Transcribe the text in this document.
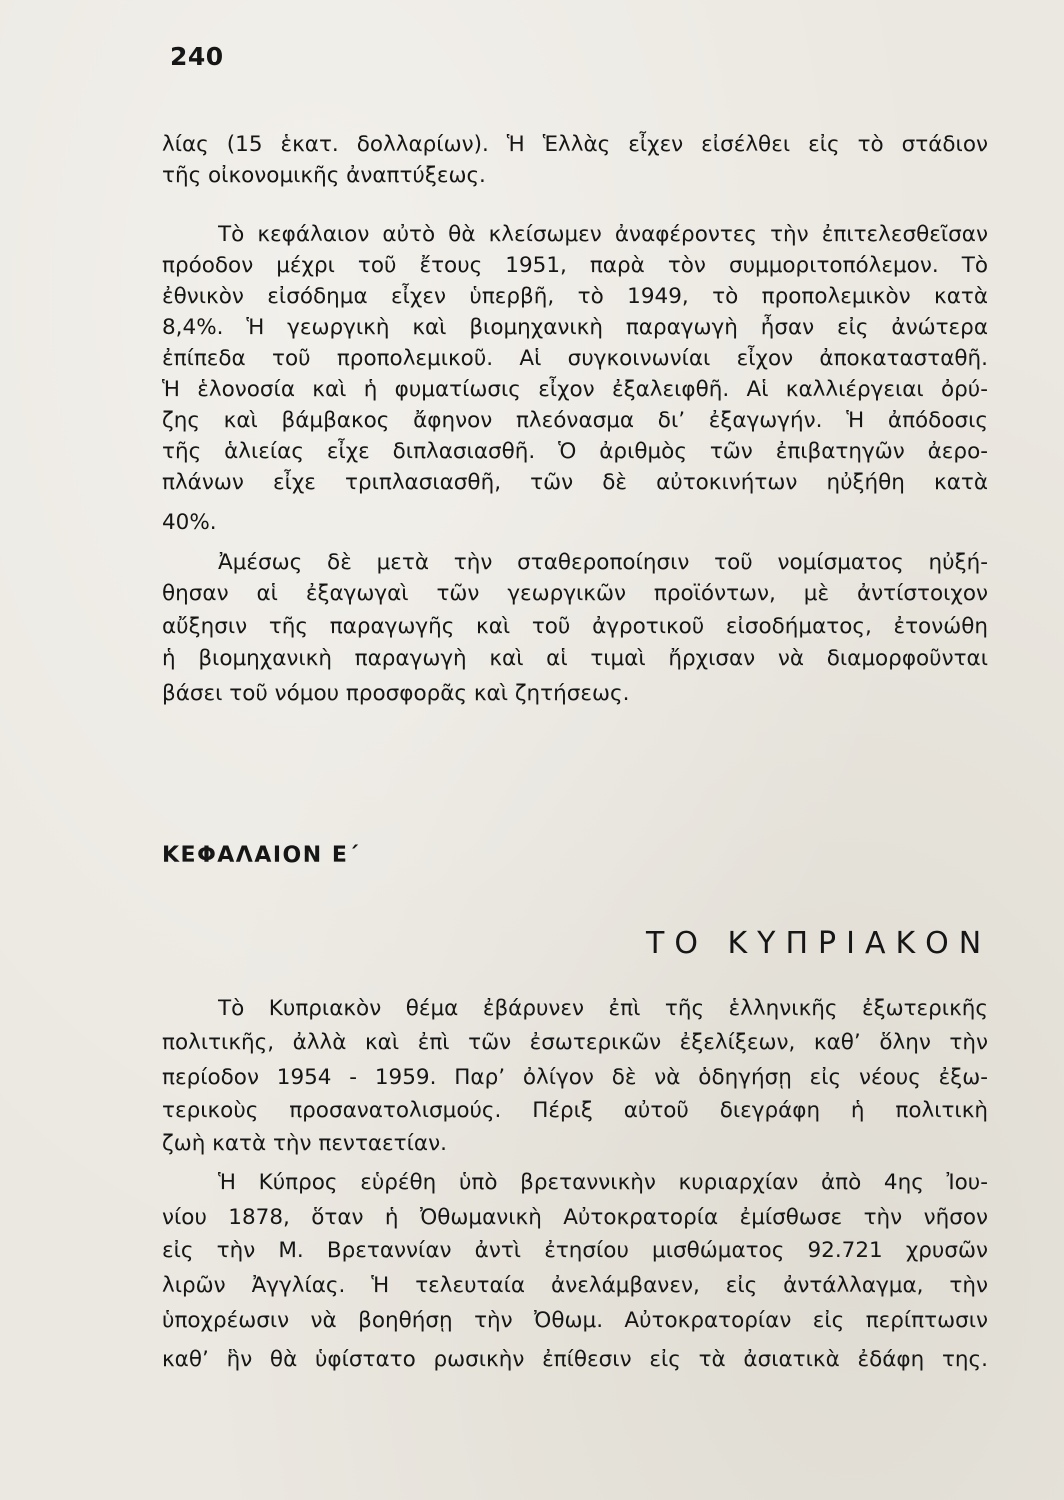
240
λίας (15 ἑκατ. δολλαρίων). Ἡ Ἑλλὰς εἶχεν εἰσέλθει εἰς τὸ στάδιον
τῆς οἰκονομικῆς ἀναπτύξεως.
Τὸ κεφάλαιον αὐτὸ θὰ κλείσωμεν ἀναφέροντες τὴν ἐπιτελεσθεῖσαν
πρόοδον μέχρι τοῦ ἔτους 1951, παρὰ τὸν συμμοριτοπόλεμον. Τὸ
ἐθνικὸν εἰσόδημα εἶχεν ὑπερβῆ, τὸ 1949, τὸ προπολεμικὸν κατὰ
8,4%. Ἡ γεωργικὴ καὶ βιομηχανικὴ παραγωγὴ ἦσαν εἰς ἀνώτερα
ἐπίπεδα τοῦ προπολεμικοῦ. Αἱ συγκοινωνίαι εἶχον ἀποκατασταθῆ.
Ἡ ἑλονοσία καὶ ἡ φυματίωσις εἶχον ἐξαλειφθῆ. Αἱ καλλιέργειαι ὀρύ-
ζης καὶ βάμβακος ἄφηνον πλεόνασμα δι’ ἐξαγωγήν. Ἡ ἀπόδοσις
τῆς ἁλιείας εἶχε διπλασιασθῆ. Ὁ ἀριθμὸς τῶν ἐπιβατηγῶν ἀερο-
πλάνων εἶχε τριπλασιασθῆ, τῶν δὲ αὐτοκινήτων ηὐξήθη κατὰ
40%.
Ἀμέσως δὲ μετὰ τὴν σταθεροποίησιν τοῦ νομίσματος ηὐξή-
θησαν αἱ ἐξαγωγαὶ τῶν γεωργικῶν προϊόντων, μὲ ἀντίστοιχον
αὔξησιν τῆς παραγωγῆς καὶ τοῦ ἀγροτικοῦ εἰσοδήματος, ἐτονώθη
ἡ βιομηχανικὴ παραγωγὴ καὶ αἱ τιμαὶ ἤρχισαν νὰ διαμορφοῦνται
βάσει τοῦ νόμου προσφορᾶς καὶ ζητήσεως.
ΚΕΦΑΛΑΙΟΝ Ε΄
ΤΟ ΚΥΠΡΙΑΚΟΝ
Τὸ Κυπριακὸν θέμα ἐβάρυνεν ἐπὶ τῆς ἑλληνικῆς ἐξωτερικῆς
πολιτικῆς, ἀλλὰ καὶ ἐπὶ τῶν ἐσωτερικῶν ἐξελίξεων, καθ’ ὅλην τὴν
περίοδον 1954 - 1959. Παρ’ ὀλίγον δὲ νὰ ὁδηγήσῃ εἰς νέους ἐξω-
τερικοὺς προσανατολισμούς. Πέριξ αὐτοῦ διεγράφη ἡ πολιτικὴ
ζωὴ κατὰ τὴν πενταετίαν.
Ἡ Κύπρος εὑρέθη ὑπὸ βρεταννικὴν κυριαρχίαν ἀπὸ 4ης Ἰου-
νίου 1878, ὅταν ἡ Ὀθωμανικὴ Αὐτοκρατορία ἐμίσθωσε τὴν νῆσον
εἰς τὴν Μ. Βρεταννίαν ἀντὶ ἐτησίου μισθώματος 92.721 χρυσῶν
λιρῶν Ἀγγλίας. Ἡ τελευταία ἀνελάμβανεν, εἰς ἀντάλλαγμα, τὴν
ὑποχρέωσιν νὰ βοηθήσῃ τὴν Ὀθωμ. Αὐτοκρατορίαν εἰς περίπτωσιν
καθ’ ἣν θὰ ὑφίστατο ρωσικὴν ἐπίθεσιν εἰς τὰ ἀσιατικὰ ἐδάφη της.
